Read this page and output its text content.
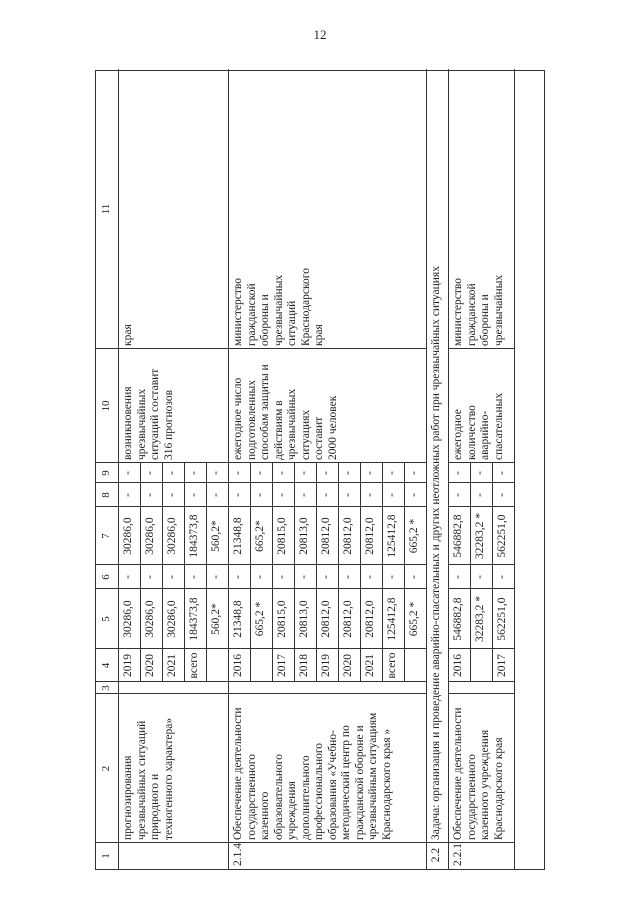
12
1
2
3
4
5
6
7
8
9
10
11
прогнозирования чрезвычайных ситуаций природного и техногенного характера»
2019
30286,0
-
30286,0
-
-
2020
30286,0
-
30286,0
-
-
2021
30286,0
-
30286,0
-
-
всего
184373,8
-
184373,8
-
-
560,2*
-
560,2*
-
-
возникновения чрезвычайных ситуаций составит 316 прогнозов
края
2.1.4
Обеспечение деятельности государственного казенного образовательного учреждения дополнительного профессионального образования «Учебно- методический центр по гражданской обороне и чрезвычайным ситуациям Краснодарского края »
2016
21348,8
-
21348,8
-
-
665,2 *
-
665,2*
-
-
2017
20815,0
-
20815,0
-
-
2018
20813,0
-
20813,0
-
-
2019
20812,0
-
20812,0
-
-
2020
20812,0
-
20812,0
-
-
2021
20812,0
-
20812,0
-
-
всего
125412,8
-
125412,8
-
-
665,2 *
-
665,2 *
-
-
ежегодное число подготовленных способам защиты и действиям в чрезвычайных ситуациях составит 2000 человек
министерство гражданской обороны и чрезвычайных ситуаций Краснодарского края
2.2
Задача: организация и проведение аварийно-спасательных и других неотложных работ при чрезвычайных ситуациях
2.2.1
Обеспечение деятельности государственного казенного учреждения Краснодарского края
2016
546882,8
-
546882,8
-
-
32283,2 *
-
32283,2 *
-
-
2017
562251,0
-
562251,0
-
-
ежегодное количество аварийно- спасательных
министерство гражданской обороны и чрезвычайных
